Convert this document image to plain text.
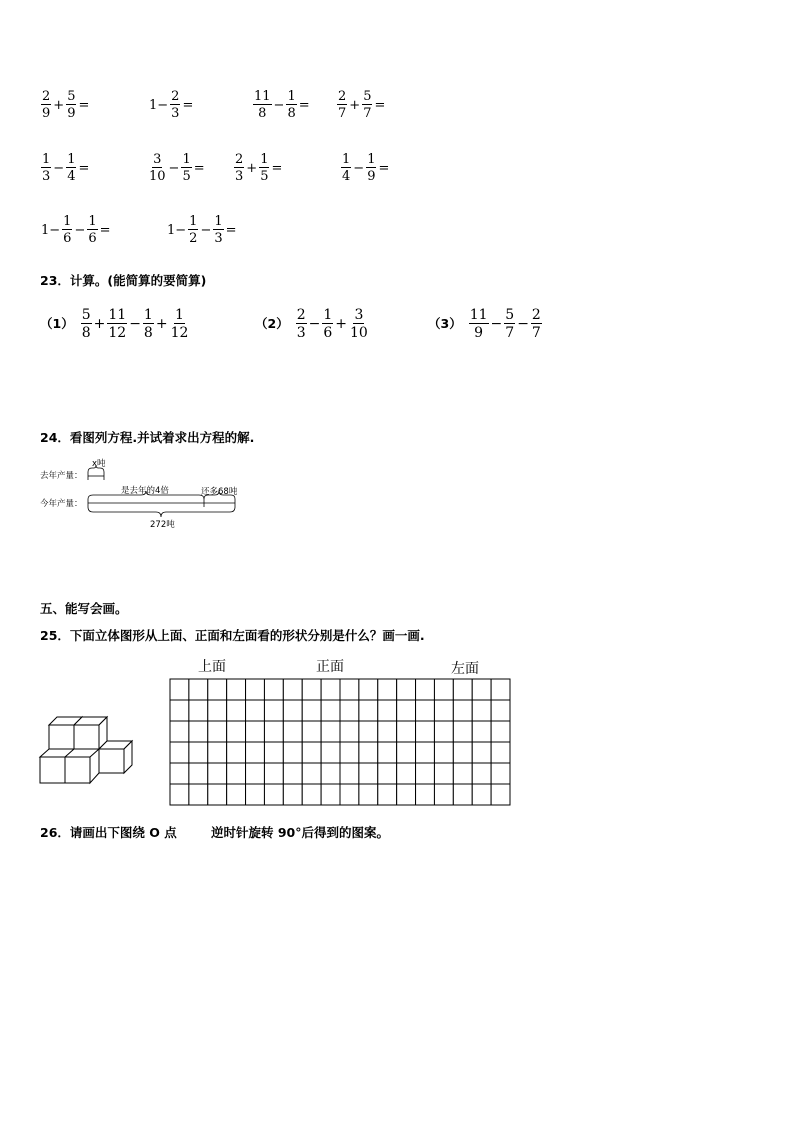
$\frac{2}{9} + \frac{5}{9}$ =	$1- \frac{2}{3}$ =	$\frac{11}{8} - \frac{1}{8} = \frac{2}{7} + \frac{5}{7}$ =
$\frac{1}{3} - \frac{1}{4}$ =	$\frac{3}{10} - \frac{1}{5} = \frac{2}{3} + \frac{1}{5}$ =	$\frac{1}{4} - \frac{1}{9}$ =
$1- \frac{1}{6} - \frac{1}{6}$ =	$1- \frac{1}{2} - \frac{1}{3}$ =
23．计算。(能简算的要简算)
$(1) \frac{5}{8} + \frac{11}{12} - \frac{1}{8} + \frac{1}{12}$	$(2) \frac{2}{3} - \frac{1}{6} + \frac{3}{10}$	$(3) \frac{11}{9} - \frac{5}{7} - \frac{2}{7}$
24．看图列方程.并试着求出方程的解.
去年产量：
今年产量：
x吨
是去年的4倍	还多68吨
272吨
五、能写会画。
25．下面立体图形从上面、正面和左面看的形状分别是什么？画一画.
上面	正面	左面
26．请画出下图绕 O 点	逆时针旋转 90°后得到的图案。
